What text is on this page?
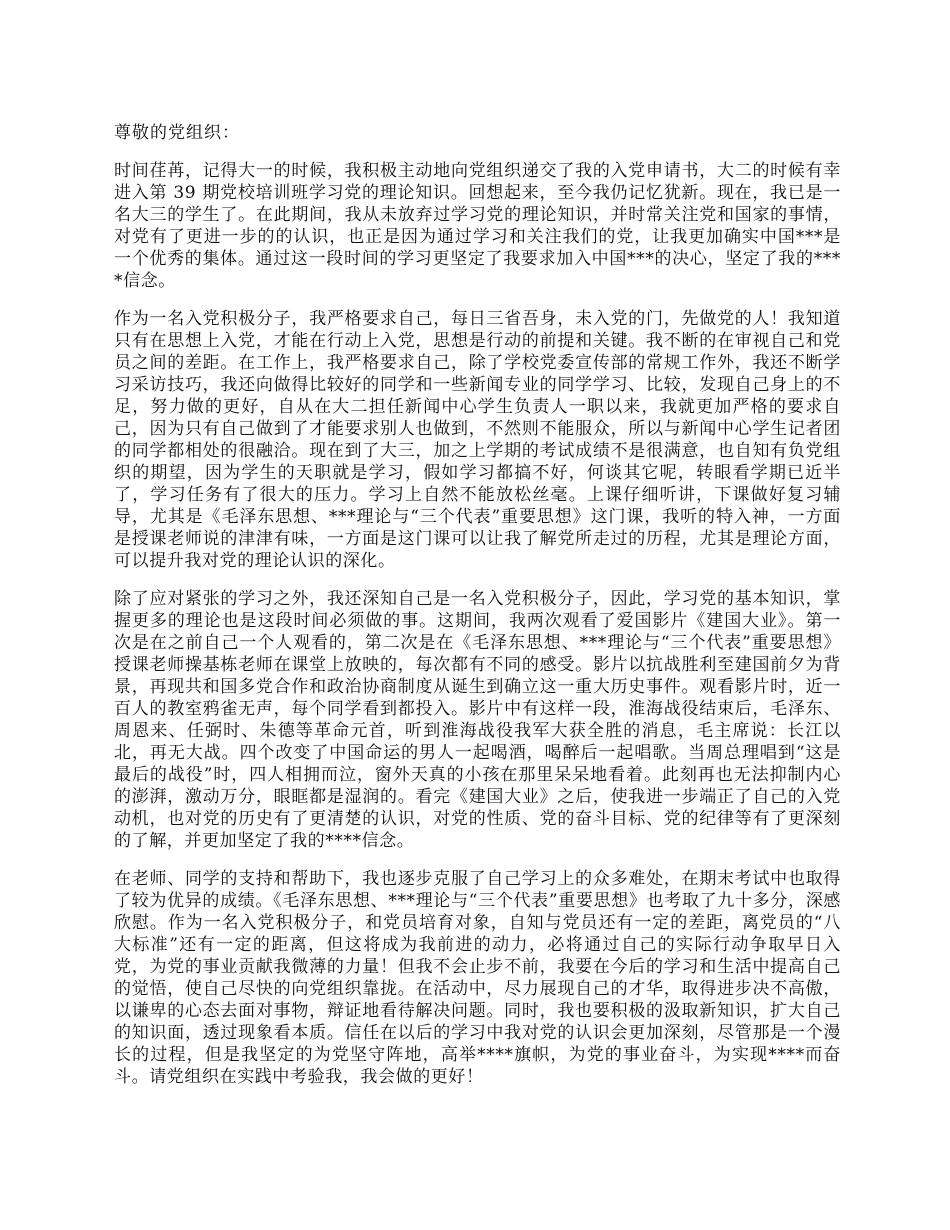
尊敬的党组织：

时间荏苒，记得大一的时候，我积极主动地向党组织递交了我的入党申请书，大二的时候有幸进入第 39 期党校培训班学习党的理论知识。回想起来，至今我仍记忆犹新。现在，我已是一名大三的学生了。在此期间，我从未放弃过学习党的理论知识，并时常关注党和国家的事情，对党有了更进一步的的认识，也正是因为通过学习和关注我们的党，让我更加确实中国***是一个优秀的集体。通过这一段时间的学习更坚定了我要求加入中国***的决心，坚定了我的****信念。

作为一名入党积极分子，我严格要求自己，每日三省吾身，未入党的门，先做党的人！我知道只有在思想上入党，才能在行动上入党，思想是行动的前提和关键。我不断的在审视自己和党员之间的差距。在工作上，我严格要求自己，除了学校党委宣传部的常规工作外，我还不断学习采访技巧，我还向做得比较好的同学和一些新闻专业的同学学习、比较，发现自己身上的不足，努力做的更好，自从在大二担任新闻中心学生负责人一职以来，我就更加严格的要求自己，因为只有自己做到了才能要求别人也做到，不然则不能服众，所以与新闻中心学生记者团的同学都相处的很融洽。现在到了大三，加之上学期的考试成绩不是很满意，也自知有负党组织的期望，因为学生的天职就是学习，假如学习都搞不好，何谈其它呢，转眼看学期已近半了，学习任务有了很大的压力。学习上自然不能放松丝毫。上课仔细听讲，下课做好复习辅导，尤其是《毛泽东思想、***理论与“三个代表”重要思想》这门课，我听的特入神，一方面是授课老师说的津津有味，一方面是这门课可以让我了解党所走过的历程，尤其是理论方面，可以提升我对党的理论认识的深化。

除了应对紧张的学习之外，我还深知自己是一名入党积极分子，因此，学习党的基本知识，掌握更多的理论也是这段时间必须做的事。这期间，我两次观看了爱国影片《建国大业》。第一次是在之前自己一个人观看的，第二次是在《毛泽东思想、***理论与“三个代表”重要思想》授课老师操基栋老师在课堂上放映的，每次都有不同的感受。影片以抗战胜利至建国前夕为背景，再现共和国多党合作和政治协商制度从诞生到确立这一重大历史事件。观看影片时，近一百人的教室鸦雀无声，每个同学看到都投入。影片中有这样一段，淮海战役结束后，毛泽东、周恩来、任弼时、朱德等革命元首，听到淮海战役我军大获全胜的消息，毛主席说：长江以北，再无大战。四个改变了中国命运的男人一起喝酒，喝醉后一起唱歌。当周总理唱到“这是最后的战役”时，四人相拥而泣，窗外天真的小孩在那里呆呆地看着。此刻再也无法抑制内心的澎湃，激动万分，眼眶都是湿润的。看完《建国大业》之后，使我进一步端正了自己的入党动机，也对党的历史有了更清楚的认识，对党的性质、党的奋斗目标、党的纪律等有了更深刻的了解，并更加坚定了我的****信念。

在老师、同学的支持和帮助下，我也逐步克服了自己学习上的众多难处，在期末考试中也取得了较为优异的成绩。《毛泽东思想、***理论与“三个代表”重要思想》也考取了九十多分，深感欣慰。作为一名入党积极分子，和党员培育对象，自知与党员还有一定的差距，离党员的“八大标准”还有一定的距离，但这将成为我前进的动力，必将通过自己的实际行动争取早日入党，为党的事业贡献我微薄的力量！但我不会止步不前，我要在今后的学习和生活中提高自己的觉悟，使自己尽快的向党组织靠拢。在活动中，尽力展现自己的才华，取得进步决不高傲，以谦卑的心态去面对事物，辩证地看待解决问题。同时，我也要积极的汲取新知识，扩大自己的知识面，透过现象看本质。信任在以后的学习中我对党的认识会更加深刻，尽管那是一个漫长的过程，但是我坚定的为党坚守阵地，高举****旗帜，为党的事业奋斗，为实现****而奋斗。请党组织在实践中考验我，我会做的更好！
